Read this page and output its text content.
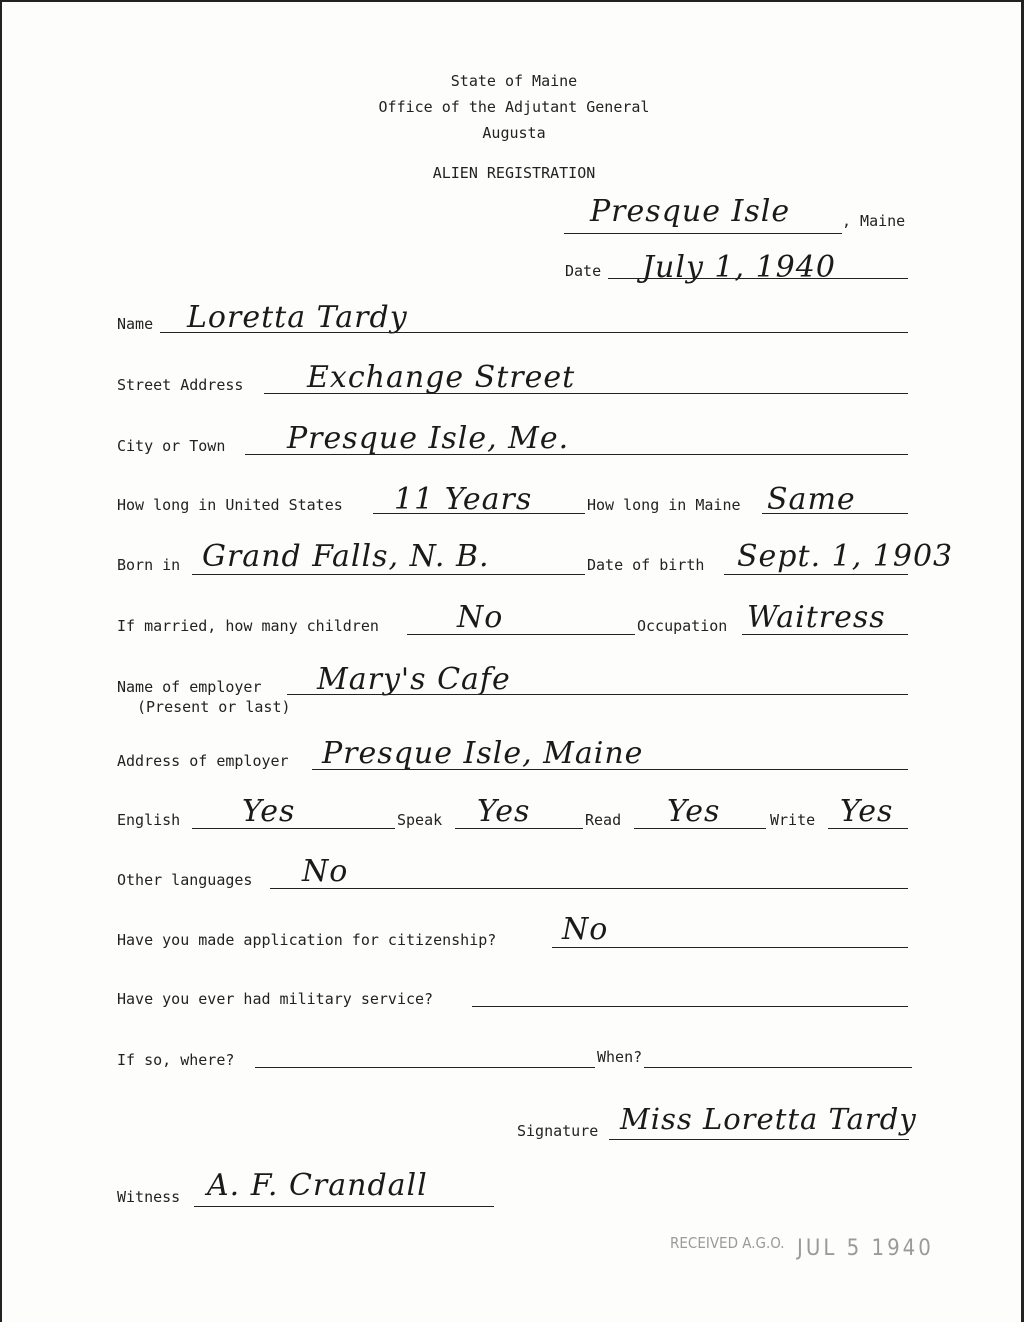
State of Maine
Office of the Adjutant General
Augusta
ALIEN REGISTRATION
Presque Isle	, Maine
Date July 1, 1940
Name Loretta Tardy
Street Address Exchange Street
City or Town Presque Isle, Me.
How long in United States 11 Years	How long in Maine Same
Born in Grand Falls, N. B.	Date of birth Sept. 1, 1903
If married, how many children	No	Occupation Waitress
Name of employer
(Present or last)
Mary's Cafe
Address of employer Presque Isle, Maine
English Yes	Speak Yes	Read Yes	Write Yes
Other languages No
Have you made application for citizenship? No
Have you ever had military service?
If so, where?	When?
Signature Miss Loretta Tardy
Witness A. F. Crandall
RECEIVED A.G.O. JUL 5 1940
